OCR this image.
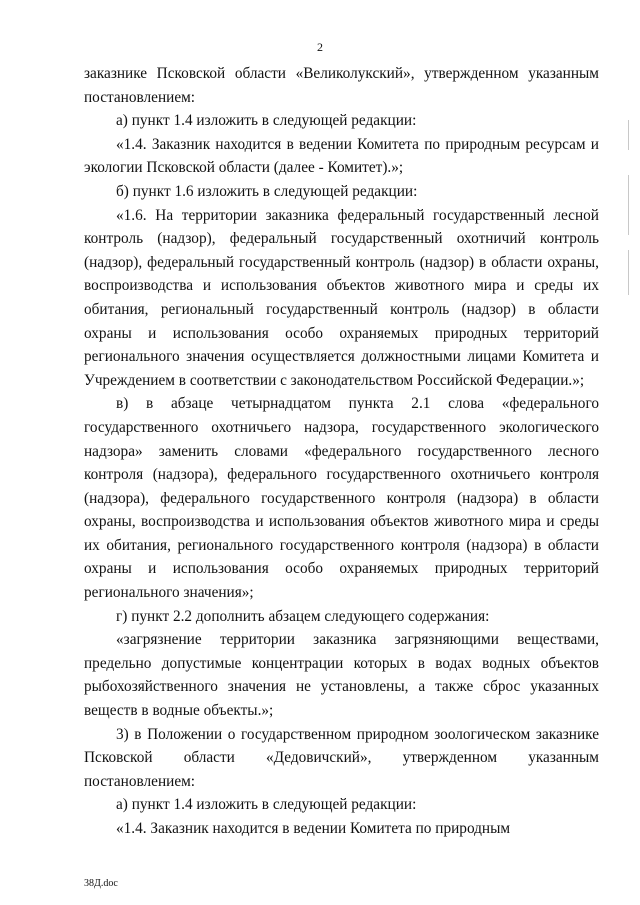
2

заказнике Псковской области «Великолукский», утвержденном указанным постановлением:

а) пункт 1.4 изложить в следующей редакции:

«1.4. Заказник находится в ведении Комитета по природным ресурсам и экологии Псковской области (далее - Комитет).»;

б) пункт 1.6 изложить в следующей редакции:

«1.6. На территории заказника федеральный государственный лесной контроль (надзор), федеральный государственный охотничий контроль (надзор), федеральный государственный контроль (надзор) в области охраны, воспроизводства и использования объектов животного мира и среды их обитания, региональный государственный контроль (надзор) в области охраны и использования особо охраняемых природных территорий регионального значения осуществляется должностными лицами Комитета и Учреждением в соответствии с законодательством Российской Федерации.»;

в) в абзаце четырнадцатом пункта 2.1 слова «федерального государственного охотничьего надзора, государственного экологического надзора» заменить словами «федерального государственного лесного контроля (надзора), федерального государственного охотничьего контроля (надзора), федерального государственного контроля (надзора) в области охраны, воспроизводства и использования объектов животного мира и среды их обитания, регионального государственного контроля (надзора) в области охраны и использования особо охраняемых природных территорий регионального значения»;

г) пункт 2.2 дополнить абзацем следующего содержания:

«загрязнение территории заказника загрязняющими веществами, предельно допустимые концентрации которых в водах водных объектов рыбохозяйственного значения не установлены, а также сброс указанных веществ в водные объекты.»;

3) в Положении о государственном природном зоологическом заказнике Псковской области «Дедовичский», утвержденном указанным постановлением:

а) пункт 1.4 изложить в следующей редакции:

«1.4. Заказник находится в ведении Комитета по природным

38Д.doc
